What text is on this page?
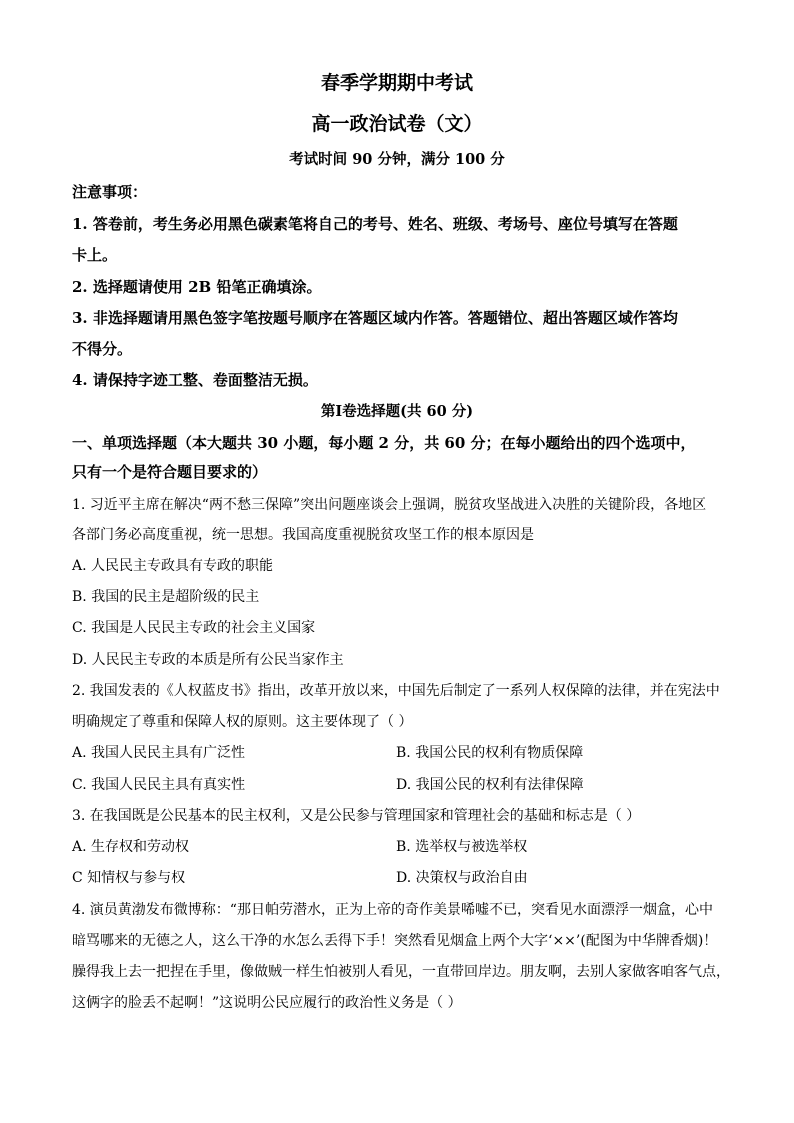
春季学期期中考试
高一政治试卷（文）
考试时间 90 分钟，满分 100 分
注意事项：
1. 答卷前，考生务必用黑色碳素笔将自己的考号、姓名、班级、考场号、座位号填写在答题
卡上。
2. 选择题请使用 2B 铅笔正确填涂。
3. 非选择题请用黑色签字笔按题号顺序在答题区域内作答。答题错位、超出答题区域作答均
不得分。
4. 请保持字迹工整、卷面整洁无损。
第Ⅰ卷选择题(共 60 分)
一、单项选择题（本大题共 30 小题，每小题 2 分，共 60 分；在每小题给出的四个选项中，
只有一个是符合题目要求的）
1. 习近平主席在解决“两不愁三保障”突出问题座谈会上强调，脱贫攻坚战进入决胜的关键阶段，各地区
各部门务必高度重视，统一思想。我国高度重视脱贫攻坚工作的根本原因是
A. 人民民主专政具有专政的职能
B. 我国的民主是超阶级的民主
C. 我国是人民民主专政的社会主义国家
D. 人民民主专政的本质是所有公民当家作主
2. 我国发表的《人权蓝皮书》指出，改革开放以来，中国先后制定了一系列人权保障的法律，并在宪法中
明确规定了尊重和保障人权的原则。这主要体现了（ ）
A. 我国人民民主具有广泛性	B. 我国公民的权利有物质保障
C. 我国人民民主具有真实性	D. 我国公民的权利有法律保障
3. 在我国既是公民基本的民主权利，又是公民参与管理国家和管理社会的基础和标志是（ ）
A. 生存权和劳动权	B. 选举权与被选举权
C 知情权与参与权	D. 决策权与政治自由
4. 演员黄渤发布微博称：“那日帕劳潜水，正为上帝的奇作美景唏嘘不已，突看见水面漂浮一烟盒，心中
暗骂哪来的无德之人，这么干净的水怎么丢得下手！突然看见烟盒上两个大字‘××’(配图为中华牌香烟)！
臊得我上去一把捏在手里，像做贼一样生怕被别人看见，一直带回岸边。朋友啊，去别人家做客咱客气点，
这俩字的脸丢不起啊！”这说明公民应履行的政治性义务是（ ）
